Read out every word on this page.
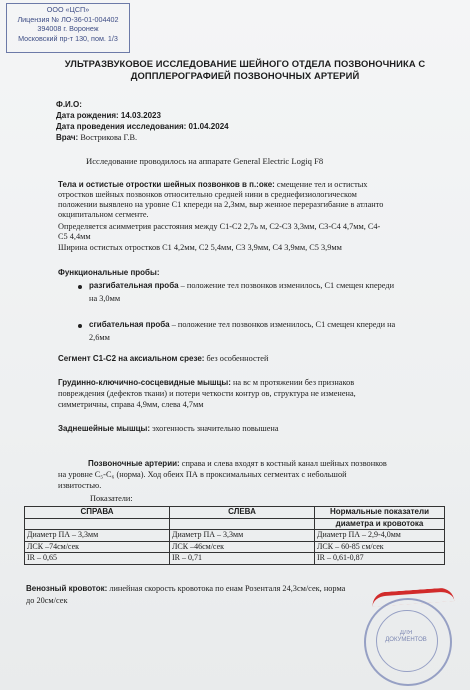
ООО «ЦСП»
Лицензия № ЛО-36-01-004402
394008 г. Воронеж
Московский пр-т 130, пом. 1/3
УЛЬТРАЗВУКОВОЕ ИССЛЕДОВАНИЕ ШЕЙНОГО ОТДЕЛА ПОЗВОНОЧНИКА С
ДОППЛЕРОГРАФИЕЙ ПОЗВОНОЧНЫХ АРТЕРИЙ
Ф.И.О:
Дата рождения: 14.03.2023
Дата проведения исследования: 01.04.2024
Врач: Вострикова Г.В.
Исследование проводилось на аппарате General Electric Logiq F8
Тела и остистые отростки шейных позвонков в п.:оке: смещение тел и остистых
отростков шейных позвонков относительно средней нини в среднефизиологическом
положении выявлено на уровне С1 кпереди на 2,3мм, выр женное переразгибание в атланто
окципитальном сегменте.
Определяется асимметрия расстояния между С1-С2 2,7ь м, С2-С3 3,3мм, С3-С4 4,7мм, С4-
С5 4,4мм
Ширина остистых отростков С1 4,2мм, С2 5,4мм, С3 3,9мм, С4 3,9мм, С5 3,9мм
Функциональные пробы:
разгибательная проба – положение тел позвонков изменилось, С1 смещен кпереди
на 3,0мм
сгибательная проба – положение тел позвонков изменилось, С1 смещен кпереди на
2,6мм
Сегмент С1-С2 на аксиальном срезе: без особенностей
Грудинно-ключично-сосцевидные мышцы: на вс м протяжении без признаков
повреждения (дефектов ткани) и потери четкости контур ов, структура не изменена,
симметричны, справа 4,9мм, слева 4,7мм
Заднешейные мышцы: эхогенность значительно повышена
Позвоночные артерии: справа и слева входят в костный канал шейных позвонков
на уровне С₅-С₆ (норма). Ход обеих ПА в проксимальных сегментах с небольшой
извитостью.
Показатели:
СПРАВА	СЛЕВА	Нормальные показатели

		диаметра и кровотока
Диаметр ПА – 3,3мм	Диаметр ПА – 3,3мм	Диаметр ПА – 2,9-4,0мм
ЛСК –74см/сек	ЛСК –46см/сек	ЛСК – 60-85 см/сек
IR – 0,65	IR – 0,71	IR – 0,61-0,87
Венозный кровоток: линейная скорость кровотока по енам Розенталя 24,3см/сек, норма
до 20см/сек
ДЛЯ
ДОКУМЕНТОВ
